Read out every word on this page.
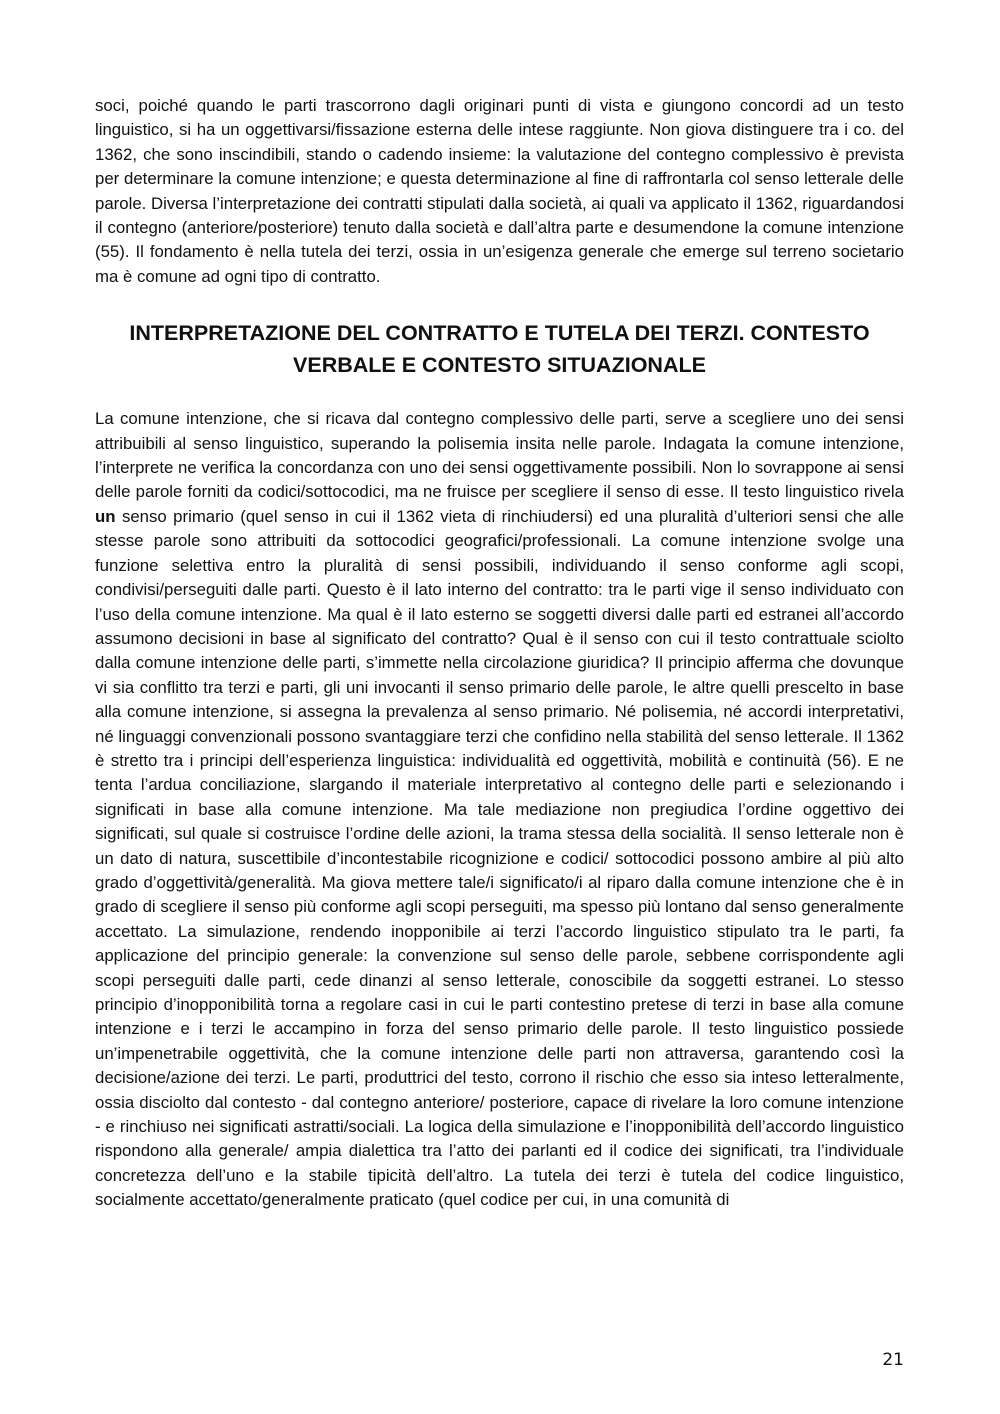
soci, poiché quando le parti trascorrono dagli originari punti di vista e giungono concordi ad un testo linguistico, si ha un oggettivarsi/fissazione esterna delle intese raggiunte. Non giova distinguere tra i co. del 1362, che sono inscindibili, stando o cadendo insieme: la valutazione del contegno complessivo è prevista per determinare la comune intenzione; e questa determinazione al fine di raffrontarla col senso letterale delle parole. Diversa l’interpretazione dei contratti stipulati dalla società, ai quali va applicato il 1362, riguardandosi il contegno (anteriore/posteriore) tenuto dalla società e dall’altra parte e desumendone la comune intenzione (55). Il fondamento è nella tutela dei terzi, ossia in un’esigenza generale che emerge sul terreno societario ma è comune ad ogni tipo di contratto.

INTERPRETAZIONE DEL CONTRATTO E TUTELA DEI TERZI. CONTESTO VERBALE E CONTESTO SITUAZIONALE

La comune intenzione, che si ricava dal contegno complessivo delle parti, serve a scegliere uno dei sensi attribuibili al senso linguistico, superando la polisemia insita nelle parole. Indagata la comune intenzione, l’interprete ne verifica la concordanza con uno dei sensi oggettivamente possibili. Non lo sovrappone ai sensi delle parole forniti da codici/sottocodici, ma ne fruisce per scegliere il senso di esse. Il testo linguistico rivela un senso primario (quel senso in cui il 1362 vieta di rinchiudersi) ed una pluralità d’ulteriori sensi che alle stesse parole sono attribuiti da sottocodici geografici/professionali. La comune intenzione svolge una funzione selettiva entro la pluralità di sensi possibili, individuando il senso conforme agli scopi, condivisi/perseguiti dalle parti. Questo è il lato interno del contratto: tra le parti vige il senso individuato con l’uso della comune intenzione. Ma qual è il lato esterno se soggetti diversi dalle parti ed estranei all’accordo assumono decisioni in base al significato del contratto? Qual è il senso con cui il testo contrattuale sciolto dalla comune intenzione delle parti, s’immette nella circolazione giuridica? Il principio afferma che dovunque vi sia conflitto tra terzi e parti, gli uni invocanti il senso primario delle parole, le altre quelli prescelto in base alla comune intenzione, si assegna la prevalenza al senso primario. Né polisemia, né accordi interpretativi, né linguaggi convenzionali possono svantaggiare terzi che confidino nella stabilità del senso letterale. Il 1362 è stretto tra i principi dell’esperienza linguistica: individualità ed oggettività, mobilità e continuità (56). E ne tenta l’ardua conciliazione, slargando il materiale interpretativo al contegno delle parti e selezionando i significati in base alla comune intenzione. Ma tale mediazione non pregiudica l’ordine oggettivo dei significati, sul quale si costruisce l’ordine delle azioni, la trama stessa della socialità. Il senso letterale non è un dato di natura, suscettibile d’incontestabile ricognizione e codici/ sottocodici possono ambire al più alto grado d’oggettività/generalità. Ma giova mettere tale/i significato/i al riparo dalla comune intenzione che è in grado di scegliere il senso più conforme agli scopi perseguiti, ma spesso più lontano dal senso generalmente accettato. La simulazione, rendendo inopponibile ai terzi l’accordo linguistico stipulato tra le parti, fa applicazione del principio generale: la convenzione sul senso delle parole, sebbene corrispondente agli scopi perseguiti dalle parti, cede dinanzi al senso letterale, conoscibile da soggetti estranei. Lo stesso principio d’inopponibilità torna a regolare casi in cui le parti contestino pretese di terzi in base alla comune intenzione e i terzi le accampino in forza del senso primario delle parole. Il testo linguistico possiede un’impenetrabile oggettività, che la comune intenzione delle parti non attraversa, garantendo così la decisione/azione dei terzi. Le parti, produttrici del testo, corrono il rischio che esso sia inteso letteralmente, ossia disciolto dal contesto - dal contegno anteriore/ posteriore, capace di rivelare la loro comune intenzione - e rinchiuso nei significati astratti/sociali. La logica della simulazione e l’inopponibilità dell’accordo linguistico rispondono alla generale/ ampia dialettica tra l’atto dei parlanti ed il codice dei significati, tra l’individuale concretezza dell’uno e la stabile tipicità dell’altro. La tutela dei terzi è tutela del codice linguistico, socialmente accettato/generalmente praticato (quel codice per cui, in una comunità di

21
